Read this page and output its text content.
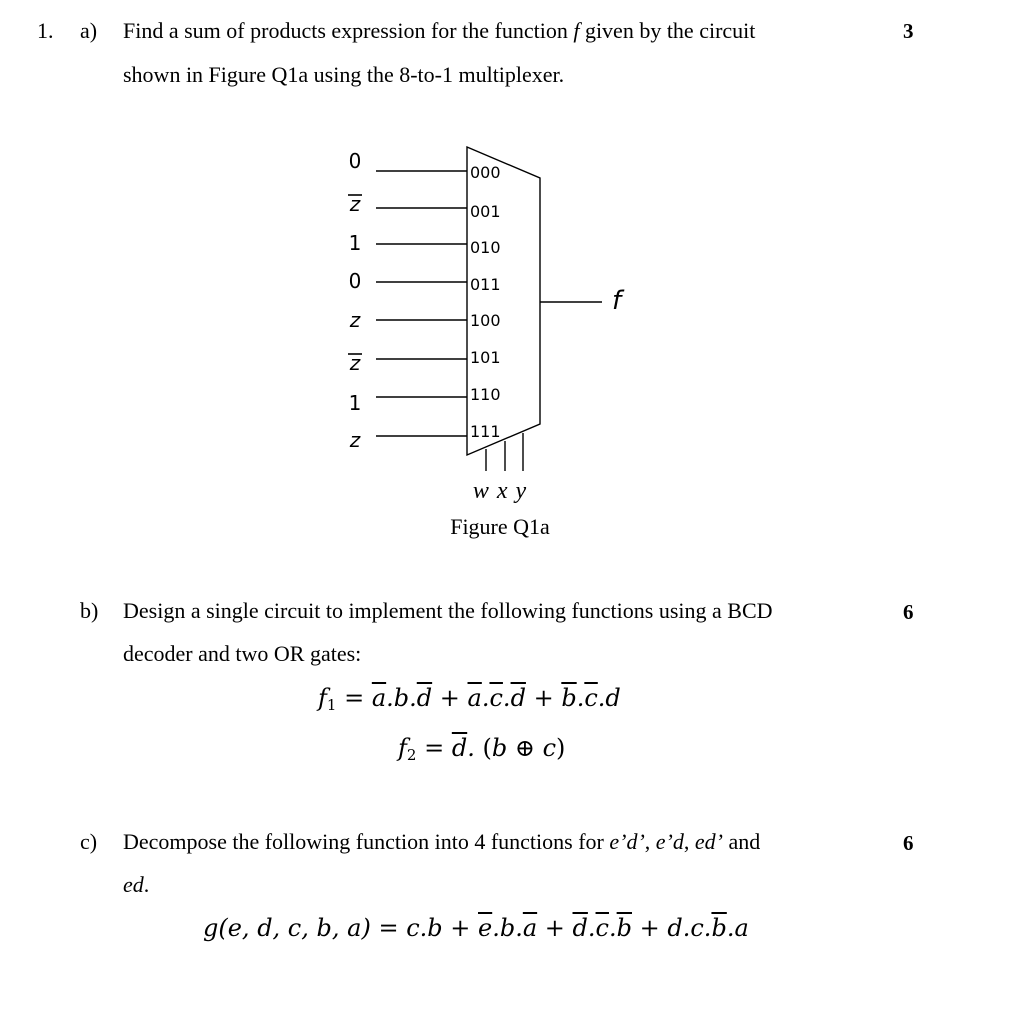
1. a) Find a sum of products expression for the function f given by the circuit
shown in Figure Q1a using the 8-to-1 multiplexer.
3
0
z
1
0
z
z
1
z
000
001
010
011
100
101
110
111
f
w x y
Figure Q1a
b) Design a single circuit to implement the following functions using a BCD
decoder and two OR gates:
6
$f_1 = \overline{a}.b.\overline{d} + \overline{a}.\overline{c}.\overline{d} + \overline{b}.\overline{c}.d$
$f_2 = \overline{d}$. (b ⊕ c)
c) Decompose the following function into 4 functions for e’d’, e’d, ed’ and
ed.
6
g(e, d, c, b, $a) = c.b + \overline{e}.b.\overline{a} + \overline{d}.\overline{c}.\overline{b} + d.c.\overline{b}.a$
